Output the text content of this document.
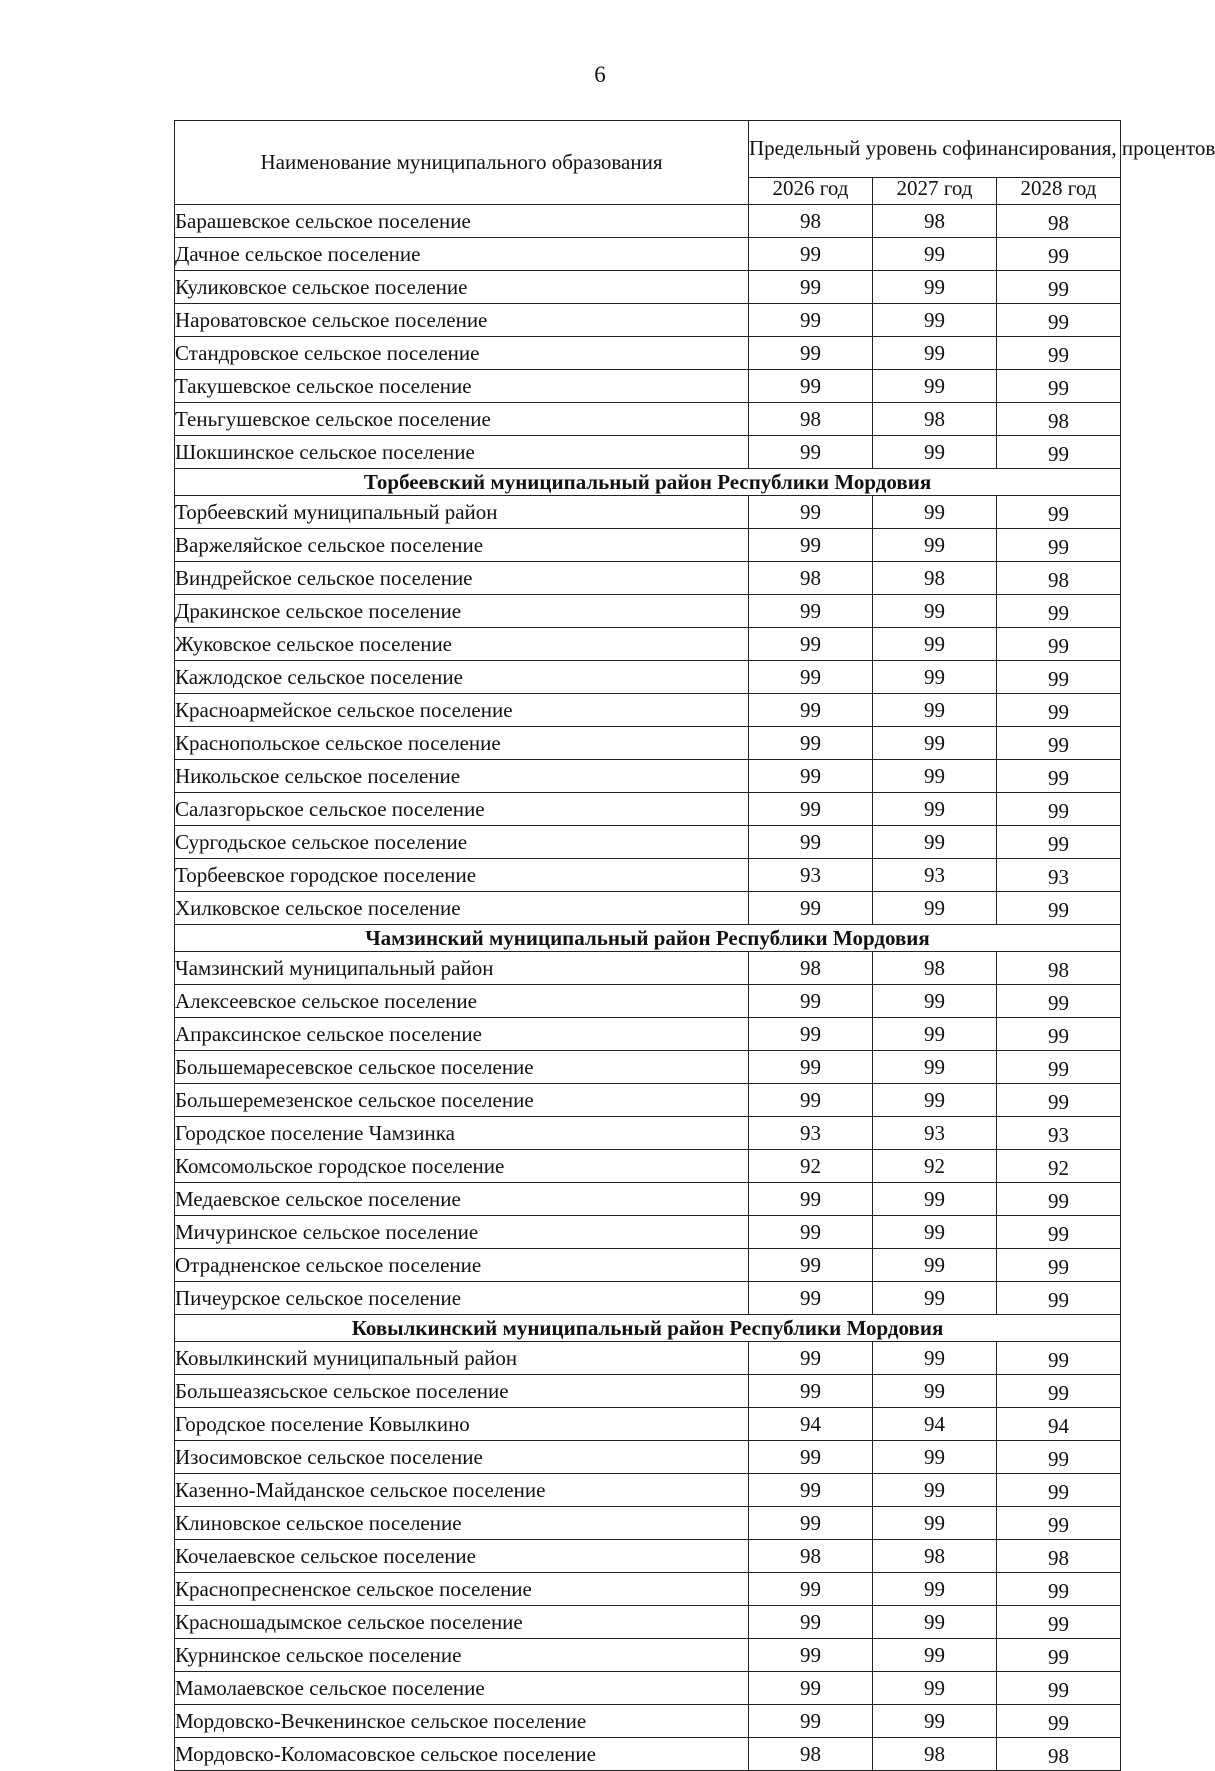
6
Наименование муниципального образования	Предельный уровень софинансирования, процентов		
	2026 год	2027 год	2028 год
Барашевское сельское поселение	98	98	98
Дачное сельское поселение	99	99	99
Куликовское сельское поселение	99	99	99
Нароватовское сельское поселение	99	99	99
Стандровское сельское поселение	99	99	99
Такушевское сельское поселение	99	99	99
Теньгушевское сельское поселение	98	98	98
Шокшинское сельское поселение	99	99	99
Торбеевский муниципальный район Республики Мордовия			
Торбеевский муниципальный район	99	99	99
Варжеляйское сельское поселение	99	99	99
Виндрейское сельское поселение	98	98	98
Дракинское сельское поселение	99	99	99
Жуковское сельское поселение	99	99	99
Кажлодское сельское поселение	99	99	99
Красноармейское сельское поселение	99	99	99
Краснопольское сельское поселение	99	99	99
Никольское сельское поселение	99	99	99
Салазгорьское сельское поселение	99	99	99
Сургодьское сельское поселение	99	99	99
Торбеевское городское поселение	93	93	93
Хилковское сельское поселение	99	99	99
Чамзинский муниципальный район Республики Мордовия			
Чамзинский муниципальный район	98	98	98
Алексеевское сельское поселение	99	99	99
Апраксинское сельское поселение	99	99	99
Большемаресевское сельское поселение	99	99	99
Большеремезенское сельское поселение	99	99	99
Городское поселение Чамзинка	93	93	93
Комсомольское городское поселение	92	92	92
Медаевское сельское поселение	99	99	99
Мичуринское сельское поселение	99	99	99
Отрадненское сельское поселение	99	99	99
Пичеурское сельское поселение	99	99	99
Ковылкинский муниципальный район Республики Мордовия			
Ковылкинский муниципальный район	99	99	99
Большеазясьское сельское поселение	99	99	99
Городское поселение Ковылкино	94	94	94
Изосимовское сельское поселение	99	99	99
Казенно-Майданское сельское поселение	99	99	99
Клиновское сельское поселение	99	99	99
Кочелаевское сельское поселение	98	98	98
Краснопресненское сельское поселение	99	99	99
Красношадымское сельское поселение	99	99	99
Курнинское сельское поселение	99	99	99
Мамолаевское сельское поселение	99	99	99
Мордовско-Вечкенинское сельское поселение	99	99	99
Мордовско-Коломасовское сельское поселение	98	98	98
